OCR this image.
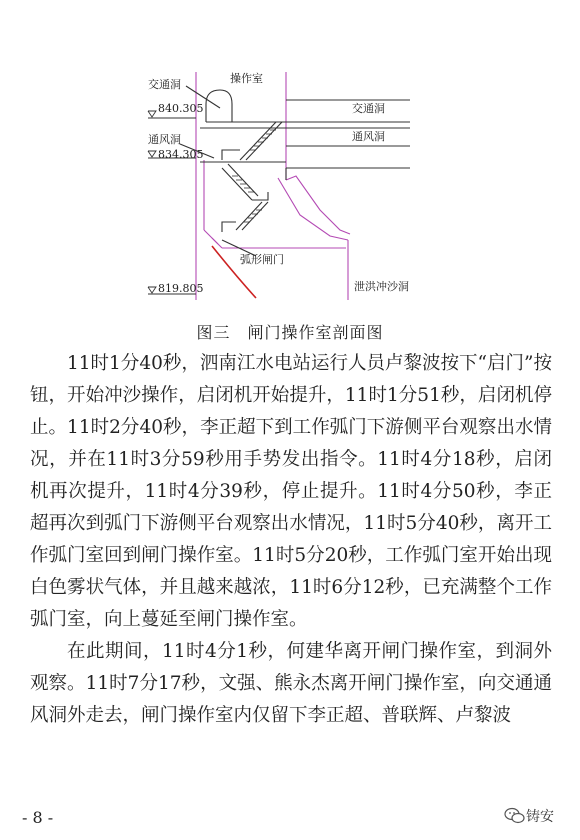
交通洞	操作室
840.305
通风洞
834.305
交通洞
通风洞
弧形闸门
819.805	泄洪冲沙洞
图三　闸门操作室剖面图

11时1分40秒，泗南江水电站运行人员卢黎波按下“启门”按钮，开始冲沙操作，启闭机开始提升，11时1分51秒，启闭机停止。11时2分40秒，李正超下到工作弧门下游侧平台观察出水情况，并在11时3分59秒用手势发出指令。11时4分18秒，启闭机再次提升，11时4分39秒，停止提升。11时4分50秒，李正超再次到弧门下游侧平台观察出水情况，11时5分40秒，离开工作弧门室回到闸门操作室。11时5分20秒，工作弧门室开始出现白色雾状气体，并且越来越浓，11时6分12秒，已充满整个工作弧门室，向上蔓延至闸门操作室。

在此期间，11时4分1秒，何建华离开闸门操作室，到洞外观察。11时7分17秒，文强、熊永杰离开闸门操作室，向交通通风洞外走去，闸门操作室内仅留下李正超、普联辉、卢黎波

- 8 -	铸安
